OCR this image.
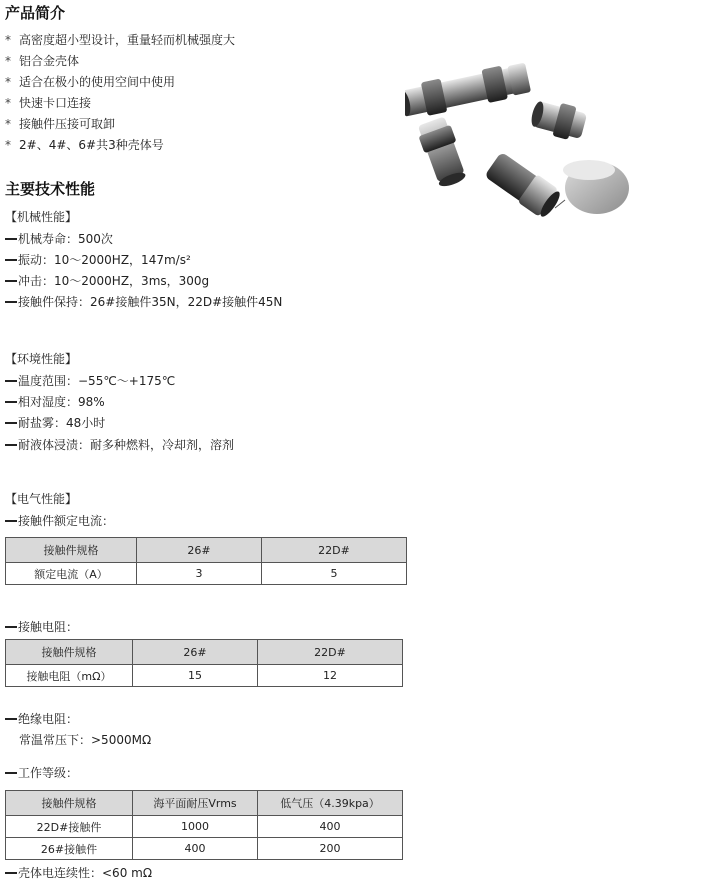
产品简介
* 高密度超小型设计，重量轻而机械强度大
* 铝合金壳体
* 适合在极小的使用空间中使用
* 快速卡口连接
* 接触件压接可取卸
* 2#、4#、6#共3种壳体号
主要技术性能
【机械性能】
机械寿命：500次
振动：10～2000HZ，147m/s²
冲击：10～2000HZ，3ms，300g
接触件保持：26#接触件35N，22D#接触件45N
【环境性能】
温度范围：−55℃～+175℃
相对湿度：98%
耐盐雾：48小时
耐液体浸渍：耐多种燃料，冷却剂，溶剂
【电气性能】
接触件额定电流：
接触件规格	26#	22D#
额定电流（A）	3	5
接触电阻：
接触件规格	26#	22D#
接触电阻（mΩ）	15	12
绝缘电阻：
常温常压下：>5000MΩ
工作等级：
接触件规格	海平面耐压Vrms	低气压（4.39kpa）
22D#接触件	1000	400
26#接触件	400	200
壳体电连续性：<60 mΩ
